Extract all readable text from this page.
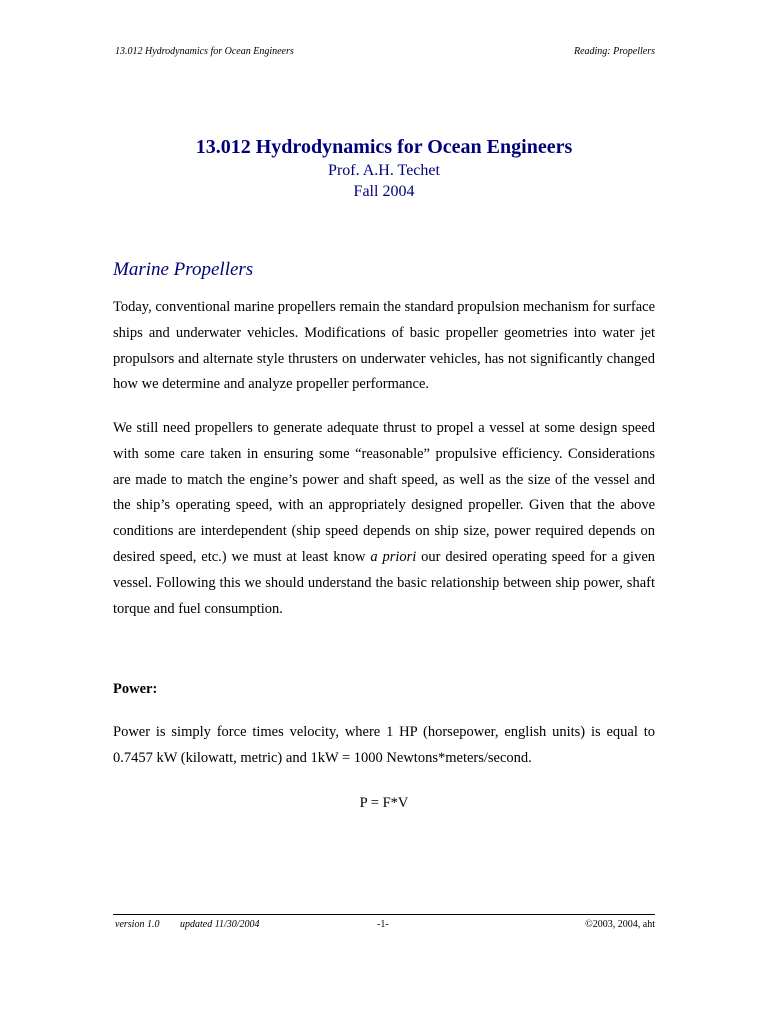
13.012 Hydrodynamics for Ocean Engineers	Reading: Propellers

13.012 Hydrodynamics for Ocean Engineers

Prof. A.H. Techet

Fall 2004

Marine Propellers

Today, conventional marine propellers remain the standard propulsion mechanism for surface ships and underwater vehicles. Modifications of basic propeller geometries into water jet propulsors and alternate style thrusters on underwater vehicles, has not significantly changed how we determine and analyze propeller performance.

We still need propellers to generate adequate thrust to propel a vessel at some design speed with some care taken in ensuring some “reasonable” propulsive efficiency. Considerations are made to match the engine’s power and shaft speed, as well as the size of the vessel and the ship’s operating speed, with an appropriately designed propeller. Given that the above conditions are interdependent (ship speed depends on ship size, power required depends on desired speed, etc.) we must at least know a priori our desired operating speed for a given vessel. Following this we should understand the basic relationship between ship power, shaft torque and fuel consumption.

Power:

Power is simply force times velocity, where 1 HP (horsepower, english units) is equal to 0.7457 kW (kilowatt, metric) and 1kW = 1000 Newtons*meters/second.

P = F*V
version 1.0 updated 11/30/2004	-1-	©2003, 2004, aht
